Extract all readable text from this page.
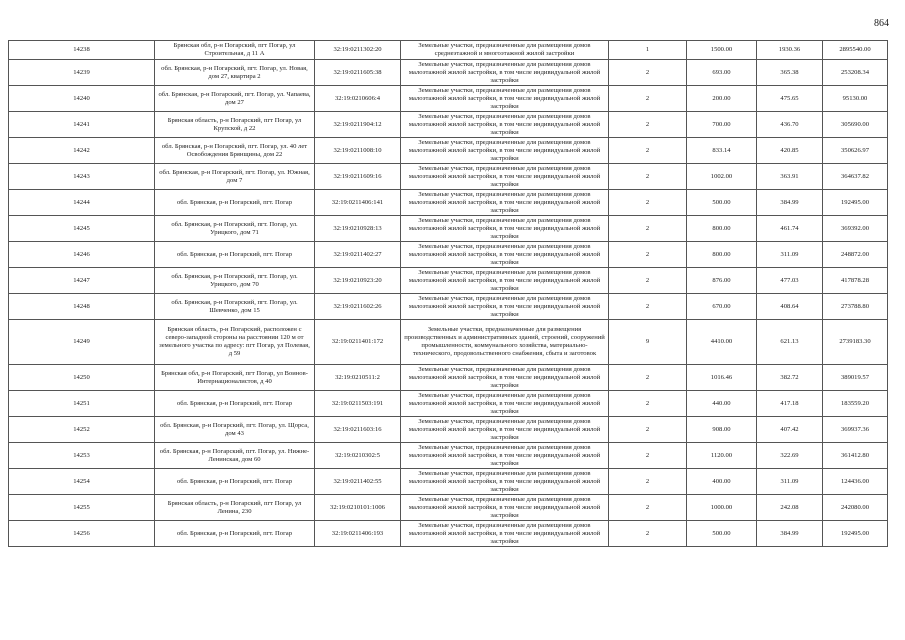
864
14238	Брянская обл, р-н Погарский, пгт Погар, ул Строительная, д 11 А	32:19:0211302:20	Земельные участки, предназначенные для размещения домов среднеэтажной и многоэтажной жилой застройки	1	1500.00	1930.36	2895540.00
14239	обл. Брянская, р-н Погарский, пгт. Погар, ул. Новая, дом 27, квартира 2	32:19:0211605:38	Земельные участки, предназначенные для размещения домов малоэтажной жилой застройки, в том числе индивидуальной жилой застройки	2	693.00	365.38	253208.34
14240	обл. Брянская, р-н Погарский, пгт. Погар, ул. Чапаева, дом 27	32:19:0210606:4	Земельные участки, предназначенные для размещения домов малоэтажной жилой застройки, в том числе индивидуальной жилой застройки	2	200.00	475.65	95130.00
14241	Брянская область, р-н Погарский, пгт Погар, ул Крупской, д 22	32:19:0211904:12	Земельные участки, предназначенные для размещения домов малоэтажной жилой застройки, в том числе индивидуальной жилой застройки	2	700.00	436.70	305690.00
14242	обл. Брянская, р-н Погарский, пгт. Погар, ул. 40 лет Освобождения Брянщины, дом 22	32:19:0211008:10	Земельные участки, предназначенные для размещения домов малоэтажной жилой застройки, в том числе индивидуальной жилой застройки	2	833.14	420.85	350626.97
14243	обл. Брянская, р-н Погарский, пгт. Погар, ул. Южная, дом 7	32:19:0211609:16	Земельные участки, предназначенные для размещения домов малоэтажной жилой застройки, в том числе индивидуальной жилой застройки	2	1002.00	363.91	364637.82
14244	обл. Брянская, р-н Погарский, пгт. Погар	32:19:0211406:141	Земельные участки, предназначенные для размещения домов малоэтажной жилой застройки, в том числе индивидуальной жилой застройки	2	500.00	384.99	192495.00
14245	обл. Брянская, р-н Погарский, пгт. Погар, ул. Урицкого, дом 71	32:19:0210928:13	Земельные участки, предназначенные для размещения домов малоэтажной жилой застройки, в том числе индивидуальной жилой застройки	2	800.00	461.74	369392.00
14246	обл. Брянская, р-н Погарский, пгт. Погар	32:19:0211402:27	Земельные участки, предназначенные для размещения домов малоэтажной жилой застройки, в том числе индивидуальной жилой застройки	2	800.00	311.09	248872.00
14247	обл. Брянская, р-н Погарский, пгт. Погар, ул. Урицкого, дом 70	32:19:0210923:20	Земельные участки, предназначенные для размещения домов малоэтажной жилой застройки, в том числе индивидуальной жилой застройки	2	876.00	477.03	417878.28
14248	обл. Брянская, р-н Погарский, пгт. Погар, ул. Шевченко, дом 15	32:19:0211602:26	Земельные участки, предназначенные для размещения домов малоэтажной жилой застройки, в том числе индивидуальной жилой застройки	2	670.00	408.64	273788.80
14249	Брянская область, р-н Погарский, расположен с северо-западной стороны на расстоянии 120 м от земельного участка по адресу: пгт Погар, ул Полевая, д 59	32:19:0211401:172	Земельные участки, предназначенные для размещения производственных и административных зданий, строений, сооружений промышленности, коммунального хозяйства, материально-технического, продовольственного снабжения, сбыта и заготовок	9	4410.00	621.13	2739183.30
14250	Брянская обл, р-н Погарский, пгт Погар, ул Воинов-Интернационалистов, д 40	32:19:0210511:2	Земельные участки, предназначенные для размещения домов малоэтажной жилой застройки, в том числе индивидуальной жилой застройки	2	1016.46	382.72	389019.57
14251	обл. Брянская, р-н Погарский, пгт. Погар	32:19:0211503:191	Земельные участки, предназначенные для размещения домов малоэтажной жилой застройки, в том числе индивидуальной жилой застройки	2	440.00	417.18	183559.20
14252	обл. Брянская, р-н Погарский, пгт. Погар, ул. Щорса, дом 43	32:19:0211603:16	Земельные участки, предназначенные для размещения домов малоэтажной жилой застройки, в том числе индивидуальной жилой застройки	2	908.00	407.42	369937.36
14253	обл. Брянская, р-н Погарский, пгт. Погар, ул. Нижне-Ленинская, дом 60	32:19:0210302:5	Земельные участки, предназначенные для размещения домов малоэтажной жилой застройки, в том числе индивидуальной жилой застройки	2	1120.00	322.69	361412.80
14254	обл. Брянская, р-н Погарский, пгт. Погар	32:19:0211402:55	Земельные участки, предназначенные для размещения домов малоэтажной жилой застройки, в том числе индивидуальной жилой застройки	2	400.00	311.09	124436.00
14255	Брянская область, р-н Погарский, пгт Погар, ул Ленина, 230	32:19:0210101:1006	Земельные участки, предназначенные для размещения домов малоэтажной жилой застройки, в том числе индивидуальной жилой застройки	2	1000.00	242.08	242080.00
14256	обл. Брянская, р-н Погарский, пгт. Погар	32:19:0211406:193	Земельные участки, предназначенные для размещения домов малоэтажной жилой застройки, в том числе индивидуальной жилой застройки	2	500.00	384.99	192495.00
